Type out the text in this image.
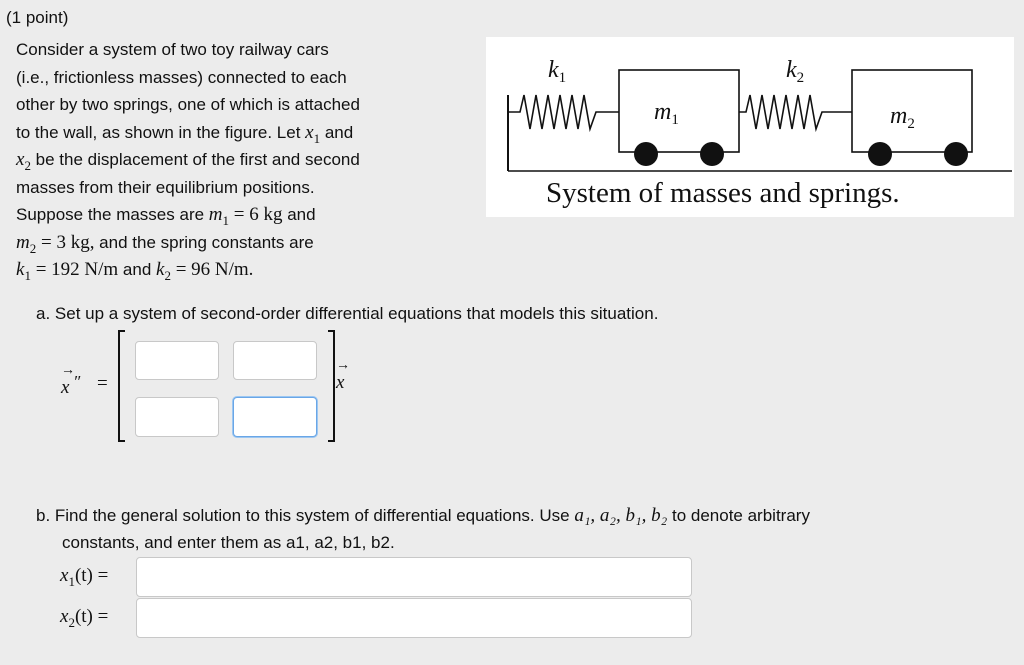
(1 point)
Consider a system of two toy railway cars
(i.e., frictionless masses) connected to each
other by two springs, one of which is attached
to the wall, as shown in the figure. Let $x_1$ and
$x_2$ be the displacement of the first and second
masses from their equilibrium positions.
Suppose the masses are $m_1 = 6$ kg and
$m_2 = 3$ kg, and the spring constants are
$k_1 = 192$ N/m and $k_2 = 96$ N/m.
$k_1$	$k_2$
$m_1$	$m_2$
System of masses and springs.
a. Set up a system of second-order differential equations that models this situation.
→
x ″ =
→
x
b. Find the general solution to this system of differential equations. Use a₁, a₂, b₁, b₂ to denote arbitrary
constants, and enter them as a1, a2, b1, b2.
$x_1(t)$ =
$x_2(t)$ =
